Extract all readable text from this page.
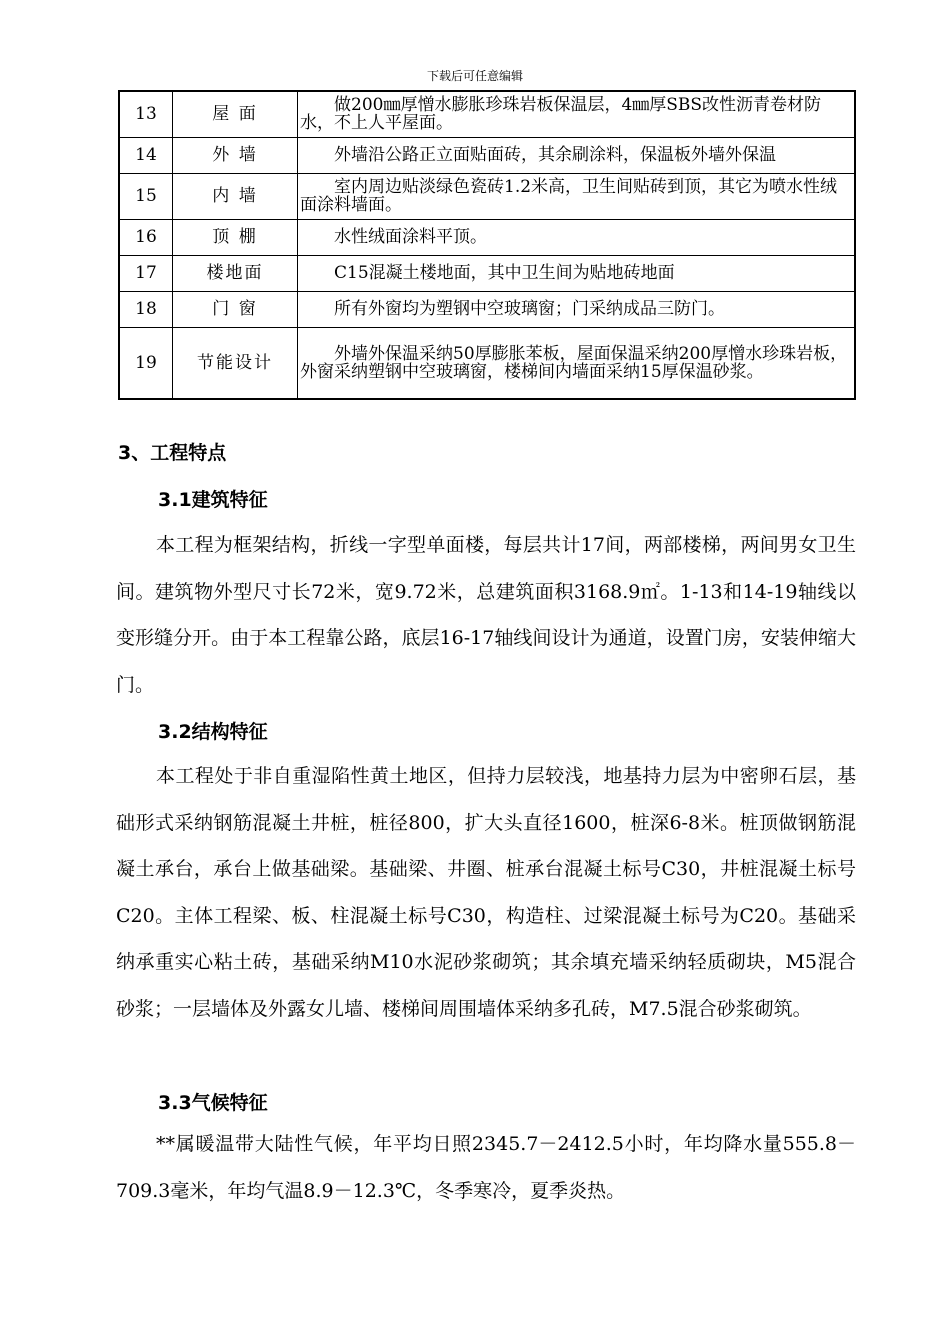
下载后可任意编辑
13	屋 面	做200㎜厚憎水膨胀珍珠岩板保温层，4㎜厚SBS改性沥青卷材防水，不上人平屋面。
14	外 墙	外墙沿公路正立面贴面砖，其余刷涂料，保温板外墙外保温
15	内 墙	室内周边贴淡绿色瓷砖1.2米高，卫生间贴砖到顶，其它为喷水性绒面涂料墙面。
16	顶 棚	水性绒面涂料平顶。
17	楼地面	C15混凝土楼地面，其中卫生间为贴地砖地面
18	门 窗	所有外窗均为塑钢中空玻璃窗；门采纳成品三防门。
19	节能设计	外墙外保温采纳50厚膨胀苯板，屋面保温采纳200厚憎水珍珠岩板，外窗采纳塑钢中空玻璃窗，楼梯间内墙面采纳15厚保温砂浆。
3、工程特点
3.1建筑特征

本工程为框架结构，折线一字型单面楼，每层共计17间，两部楼梯，两间男女卫生间。建筑物外型尺寸长72米，宽9.72米，总建筑面积3168.9㎡。1-13和14-19轴线以变形缝分开。由于本工程靠公路，底层16-17轴线间设计为通道，设置门房，安装伸缩大门。

3.2结构特征

本工程处于非自重湿陷性黄土地区，但持力层较浅，地基持力层为中密卵石层，基础形式采纳钢筋混凝土井桩，桩径800，扩大头直径1600，桩深6-8米。桩顶做钢筋混凝土承台，承台上做基础梁。基础梁、井圈、桩承台混凝土标号C30，井桩混凝土标号C20。主体工程梁、板、柱混凝土标号C30，构造柱、过梁混凝土标号为C20。基础采纳承重实心粘土砖，基础采纳M10水泥砂浆砌筑；其余填充墙采纳轻质砌块，M5混合砂浆；一层墙体及外露女儿墙、楼梯间周围墙体采纳多孔砖，M7.5混合砂浆砌筑。

3.3气候特征

**属暖温带大陆性气候，年平均日照2345.7－2412.5小时，年均降水量555.8－709.3毫米，年均气温8.9－12.3℃，冬季寒冷，夏季炎热。
